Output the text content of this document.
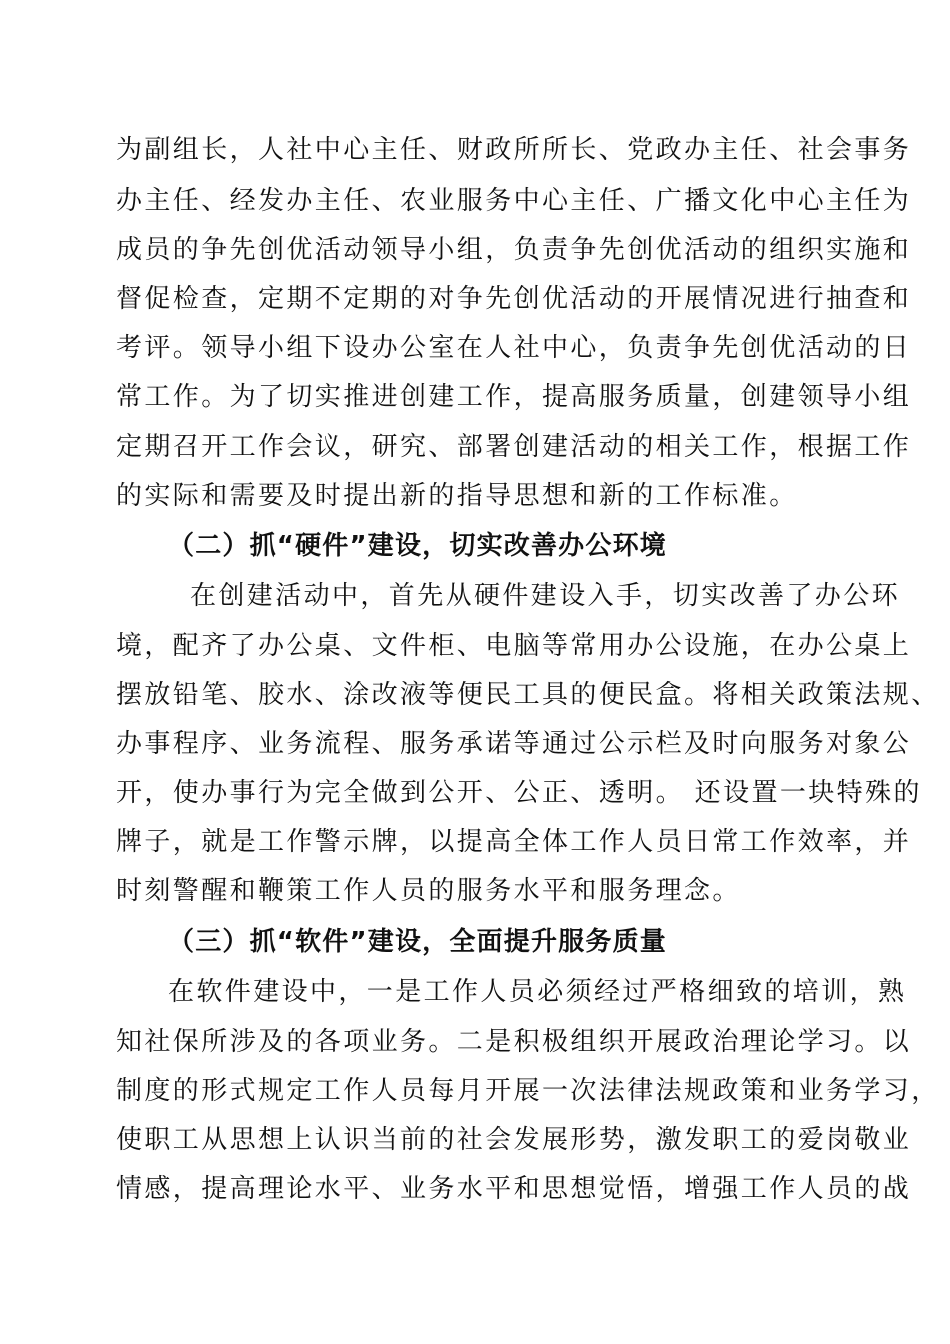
为副组长，人社中心主任、财政所所长、党政办主任、社会事务
办主任、经发办主任、农业服务中心主任、广播文化中心主任为
成员的争先创优活动领导小组，负责争先创优活动的组织实施和
督促检查，定期不定期的对争先创优活动的开展情况进行抽查和
考评。领导小组下设办公室在人社中心，负责争先创优活动的日
常工作。为了切实推进创建工作，提高服务质量，创建领导小组
定期召开工作会议，研究、部署创建活动的相关工作，根据工作
的实际和需要及时提出新的指导思想和新的工作标准。
（二）抓“硬件”建设，切实改善办公环境
在创建活动中，首先从硬件建设入手，切实改善了办公环
境，配齐了办公桌、文件柜、电脑等常用办公设施，在办公桌上
摆放铅笔、胶水、涂改液等便民工具的便民盒。将相关政策法规、
办事程序、业务流程、服务承诺等通过公示栏及时向服务对象公
开，使办事行为完全做到公开、公正、透明。 还设置一块特殊的
牌子，就是工作警示牌，以提高全体工作人员日常工作效率，并
时刻警醒和鞭策工作人员的服务水平和服务理念。
（三）抓“软件”建设，全面提升服务质量
在软件建设中，一是工作人员必须经过严格细致的培训，熟
知社保所涉及的各项业务。二是积极组织开展政治理论学习。以
制度的形式规定工作人员每月开展一次法律法规政策和业务学习，
使职工从思想上认识当前的社会发展形势，激发职工的爱岗敬业
情感，提高理论水平、业务水平和思想觉悟，增强工作人员的战
